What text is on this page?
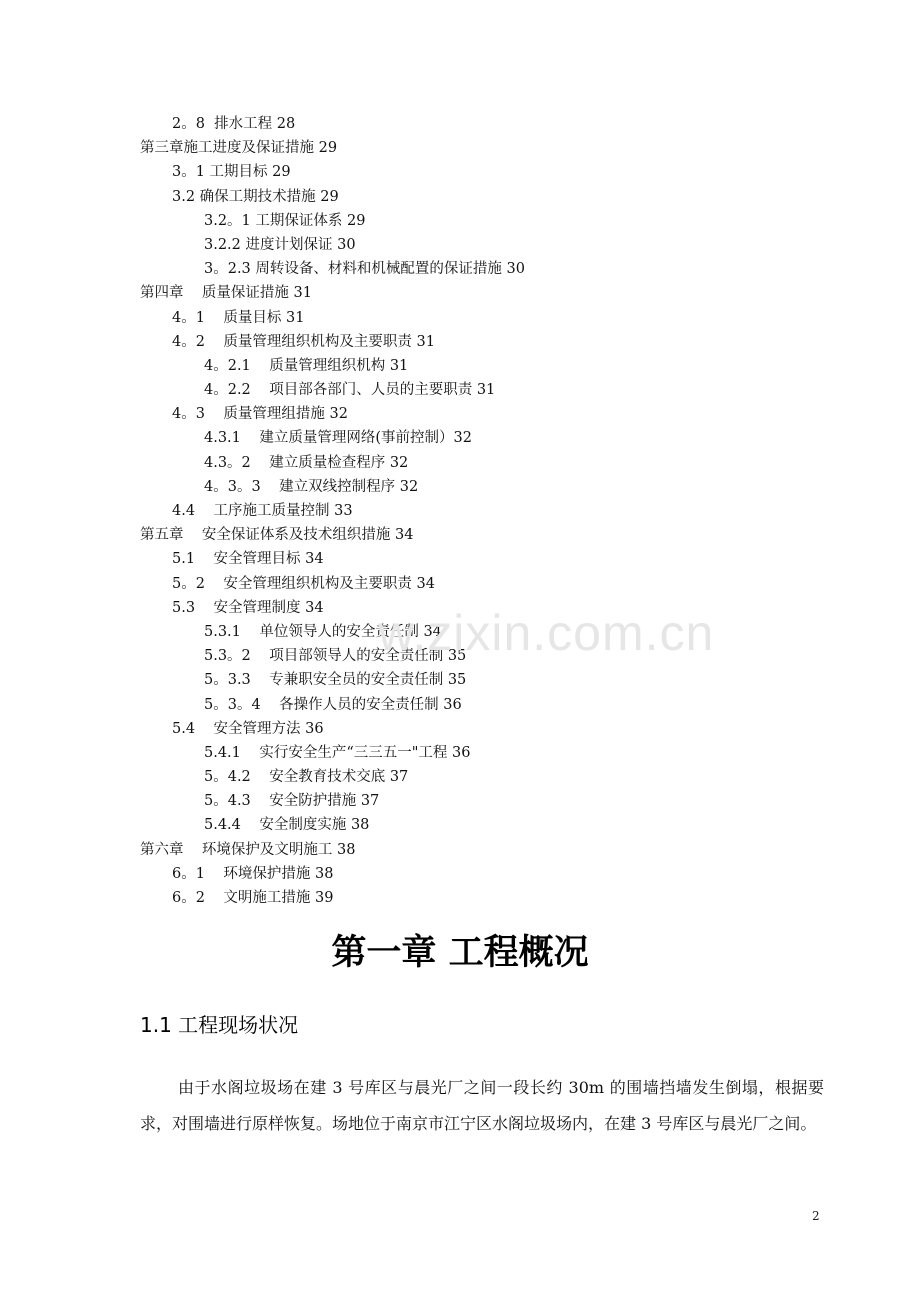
2。8  排水工程 28
第三章施工进度及保证措施 29
3。1 工期目标 29
3.2 确保工期技术措施 29
3.2。1 工期保证体系 29
3.2.2 进度计划保证 30
3。2.3 周转设备、材料和机械配置的保证措施 30
第四章    质量保证措施 31
4。1    质量目标 31
4。2    质量管理组织机构及主要职责 31
4。2.1    质量管理组织机构 31
4。2.2    项目部各部门、人员的主要职责 31
4。3    质量管理组措施 32
4.3.1    建立质量管理网络(事前控制）32
4.3。2    建立质量检查程序 32
4。3。3    建立双线控制程序 32
4.4    工序施工质量控制 33
第五章    安全保证体系及技术组织措施 34
5.1    安全管理目标 34
5。2    安全管理组织机构及主要职责 34
5.3    安全管理制度 34
5.3.1    单位领导人的安全责任制 34
5.3。2    项目部领导人的安全责任制 35
5。3.3    专兼职安全员的安全责任制 35
5。3。4    各操作人员的安全责任制 36
5.4    安全管理方法 36
5.4.1    实行安全生产“三三五一"工程 36
5。4.2    安全教育技术交底 37
5。4.3    安全防护措施 37
5.4.4    安全制度实施 38
第六章    环境保护及文明施工 38
6。1    环境保护措施 38
6。2    文明施工措施 39
w.zixin.com.cn
第一章 工程概况
1.1 工程现场状况
由于水阁垃圾场在建 3 号库区与晨光厂之间一段长约 30m 的围墙挡墙发生倒塌，根据要求，对围墙进行原样恢复。场地位于南京市江宁区水阁垃圾场内，在建 3 号库区与晨光厂之间。
2
